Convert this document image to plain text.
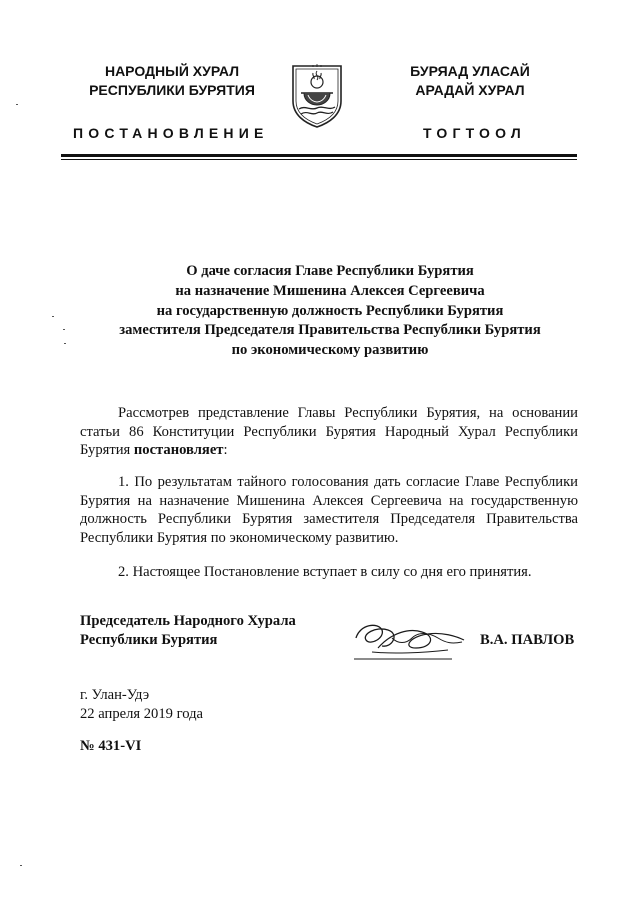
НАРОДНЫЙ ХУРАЛ
РЕСПУБЛИКИ БУРЯТИЯ
БУРЯАД УЛАСАЙ
АРАДАЙ ХУРАЛ
ПОСТАНОВЛЕНИЕ	ТОГТООЛ
О даче согласия Главе Республики Бурятия
на назначение Мишенина Алексея Сергеевича
на государственную должность Республики Бурятия
заместителя Председателя Правительства Республики Бурятия
по экономическому развитию
Рассмотрев представление Главы Республики Бурятия, на основании статьи 86 Конституции Республики Бурятия Народный Хурал Республики Бурятия постановляет:
1. По результатам тайного голосования дать согласие Главе Республики Бурятия на назначение Мишенина Алексея Сергеевича на государственную должность Республики Бурятия заместителя Председателя Правительства Республики Бурятия по экономическому развитию.
2. Настоящее Постановление вступает в силу со дня его принятия.
Председатель Народного Хурала
Республики Бурятия	В.А. ПАВЛОВ
г. Улан-Удэ
22 апреля 2019 года
№ 431-VI
